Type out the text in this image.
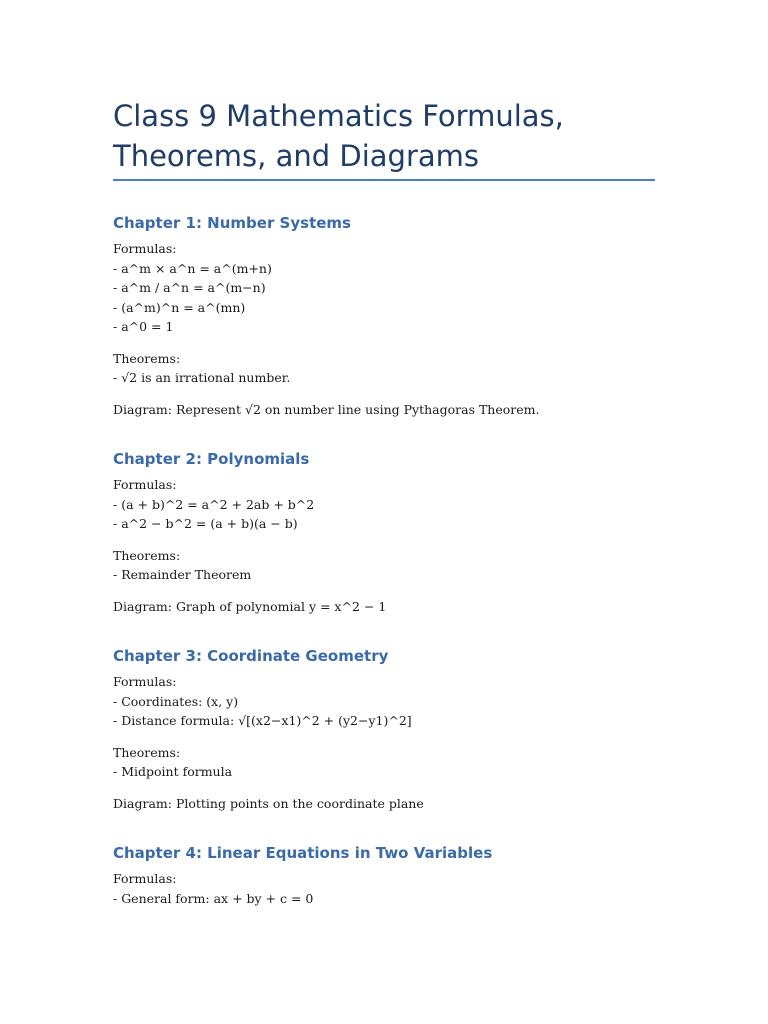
Class 9 Mathematics Formulas,
Theorems, and Diagrams
Chapter 1: Number Systems
Formulas:
- a^m × a^n = a^(m+n)
- a^m / a^n = a^(m−n)
- (a^m)^n = a^(mn)
- a^0 = 1
Theorems:
- √2 is an irrational number.
Diagram: Represent √2 on number line using Pythagoras Theorem.
Chapter 2: Polynomials
Formulas:
- (a + b)^2 = a^2 + 2ab + b^2
- a^2 − b^2 = (a + b)(a − b)
Theorems:
- Remainder Theorem
Diagram: Graph of polynomial y = x^2 − 1
Chapter 3: Coordinate Geometry
Formulas:
- Coordinates: (x, y)
- Distance formula: √[(x2−x1)^2 + (y2−y1)^2]
Theorems:
- Midpoint formula
Diagram: Plotting points on the coordinate plane
Chapter 4: Linear Equations in Two Variables
Formulas:
- General form: ax + by + c = 0
